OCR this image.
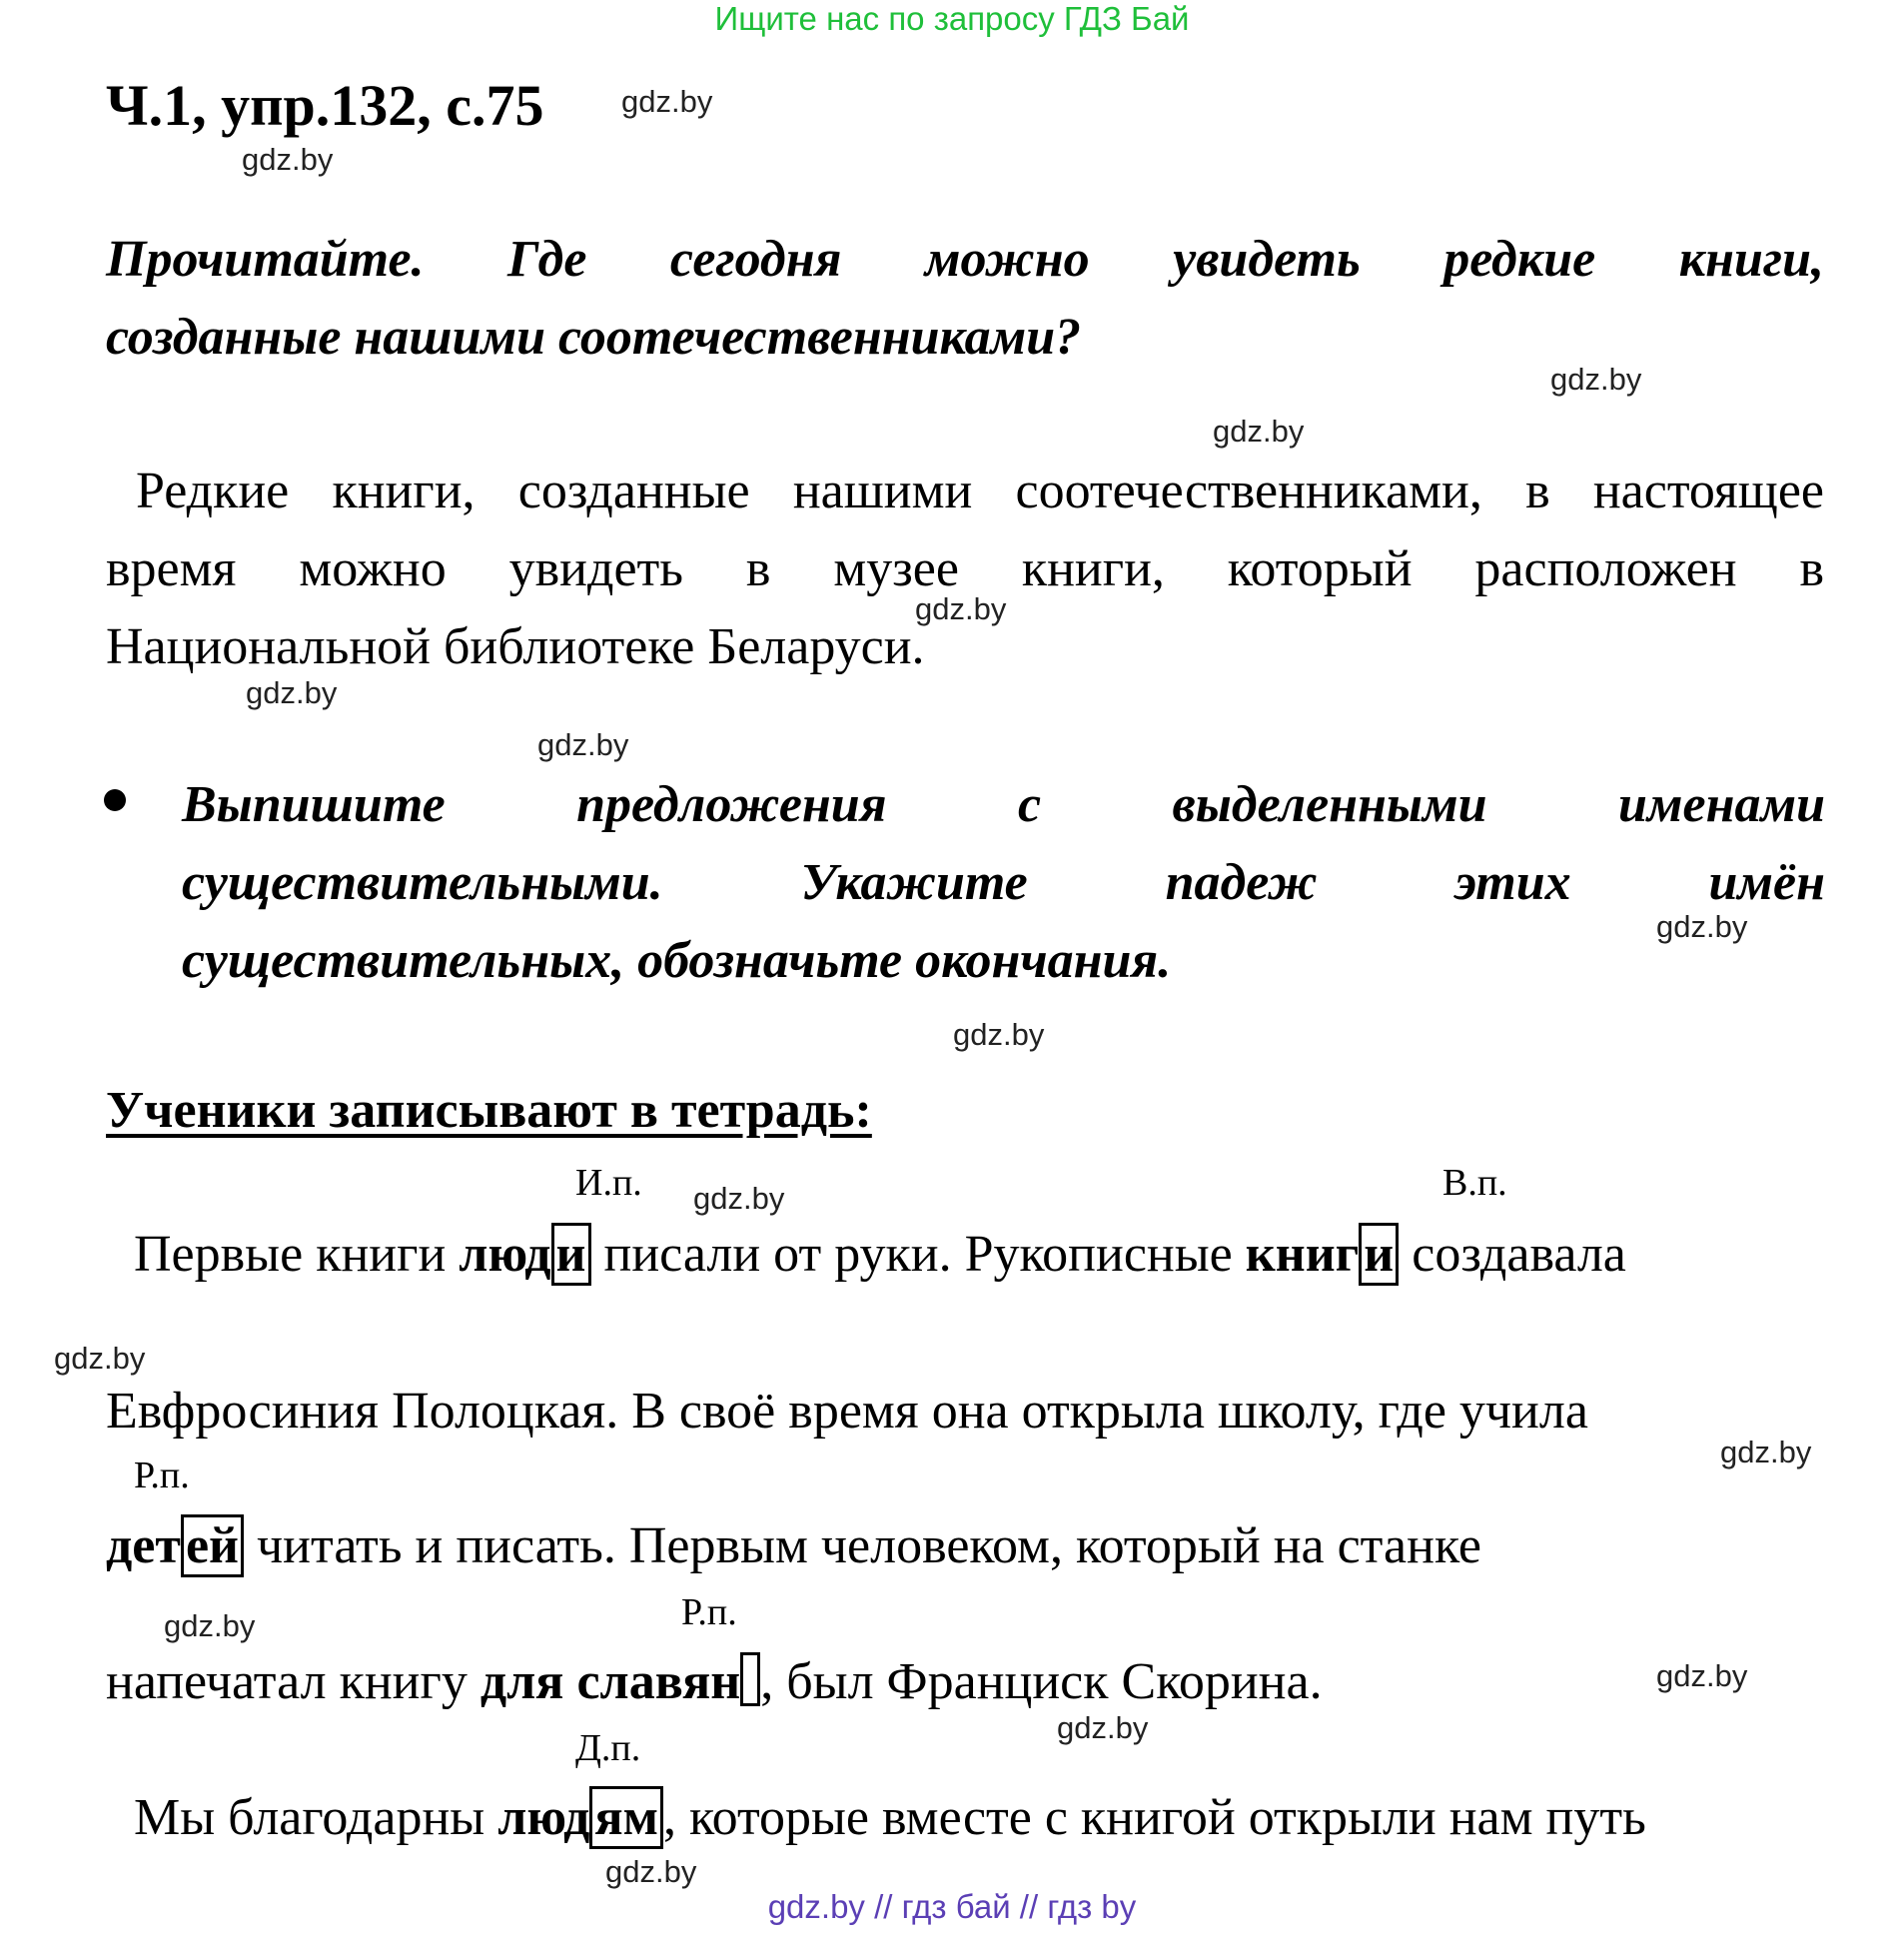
Ищите нас по запросу ГДЗ Бай
Ч.1, упр.132, с.75
Прочитайте. Где сегодня можно увидеть редкие книги,
созданные нашими соотечественниками?
Редкие книги, созданные нашими соотечественниками, в настоящее
время можно увидеть в музее книги, который расположен в
Национальной библиотеке Беларуси.
Выпишите предложения с выделенными именами
существительными. Укажите падеж этих имён
существительных, обозначьте окончания.
Ученики записывают в тетрадь:
И.п.	В.п.
Р.п.
Р.п.
Д.п.
Первые книги люди писали от руки. Рукописные книги создавала
Евфросиния Полоцкая. В своё время она открыла школу, где учила
детей читать и писать. Первым человеком, который на станке
напечатал книгу для славян , был Франциск Скорина.
Мы благодарны людям, которые вместе с книгой открыли нам путь
gdz.by
gdz.by
gdz.by
gdz.by
gdz.by
gdz.by
gdz.by
gdz.by
gdz.by
gdz.by
gdz.by
gdz.by
gdz.by
gdz.by
gdz.by
gdz.by
gdz.by // гдз бай // гдз by
